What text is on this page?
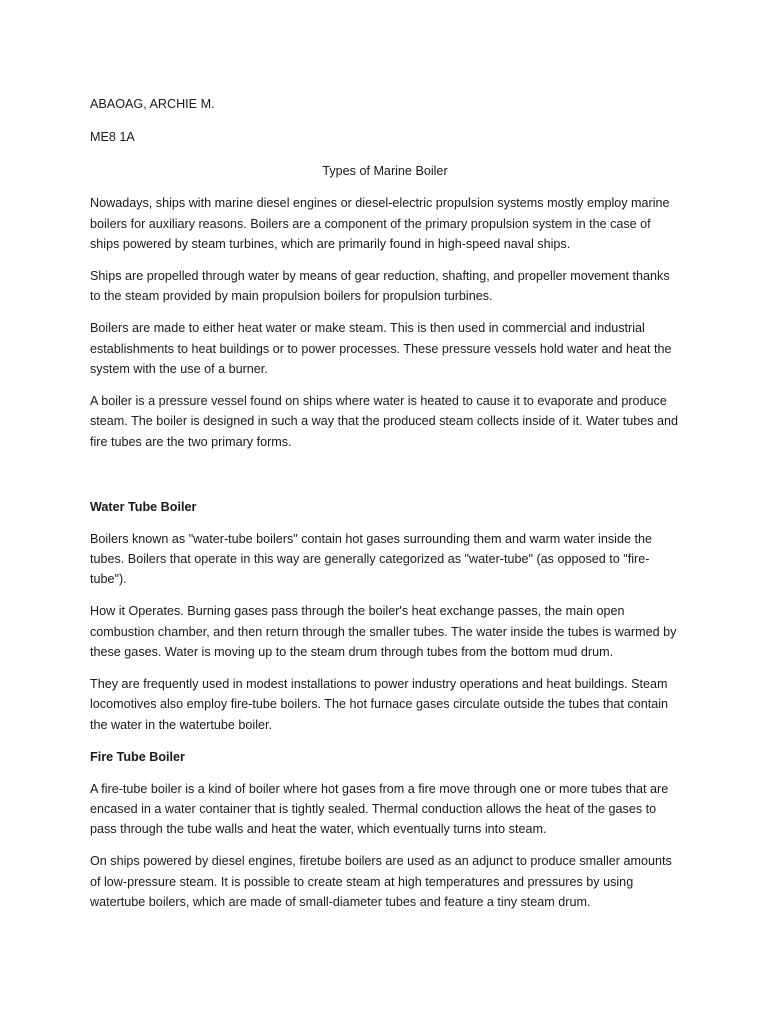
ABAOAG, ARCHIE M.
ME8 1A
Types of Marine Boiler

Nowadays, ships with marine diesel engines or diesel-electric propulsion systems mostly employ marine boilers for auxiliary reasons. Boilers are a component of the primary propulsion system in the case of ships powered by steam turbines, which are primarily found in high-speed naval ships.

Ships are propelled through water by means of gear reduction, shafting, and propeller movement thanks to the steam provided by main propulsion boilers for propulsion turbines.

Boilers are made to either heat water or make steam. This is then used in commercial and industrial establishments to heat buildings or to power processes. These pressure vessels hold water and heat the system with the use of a burner.

A boiler is a pressure vessel found on ships where water is heated to cause it to evaporate and produce steam. The boiler is designed in such a way that the produced steam collects inside of it. Water tubes and fire tubes are the two primary forms.

Water Tube Boiler

Boilers known as "water-tube boilers" contain hot gases surrounding them and warm water inside the tubes. Boilers that operate in this way are generally categorized as "water-tube" (as opposed to "fire-tube").

How it Operates. Burning gases pass through the boiler's heat exchange passes, the main open combustion chamber, and then return through the smaller tubes. The water inside the tubes is warmed by these gases. Water is moving up to the steam drum through tubes from the bottom mud drum.

They are frequently used in modest installations to power industry operations and heat buildings. Steam locomotives also employ fire-tube boilers. The hot furnace gases circulate outside the tubes that contain the water in the watertube boiler.

Fire Tube Boiler

A fire-tube boiler is a kind of boiler where hot gases from a fire move through one or more tubes that are encased in a water container that is tightly sealed. Thermal conduction allows the heat of the gases to pass through the tube walls and heat the water, which eventually turns into steam.

On ships powered by diesel engines, firetube boilers are used as an adjunct to produce smaller amounts of low-pressure steam. It is possible to create steam at high temperatures and pressures by using watertube boilers, which are made of small-diameter tubes and feature a tiny steam drum.
